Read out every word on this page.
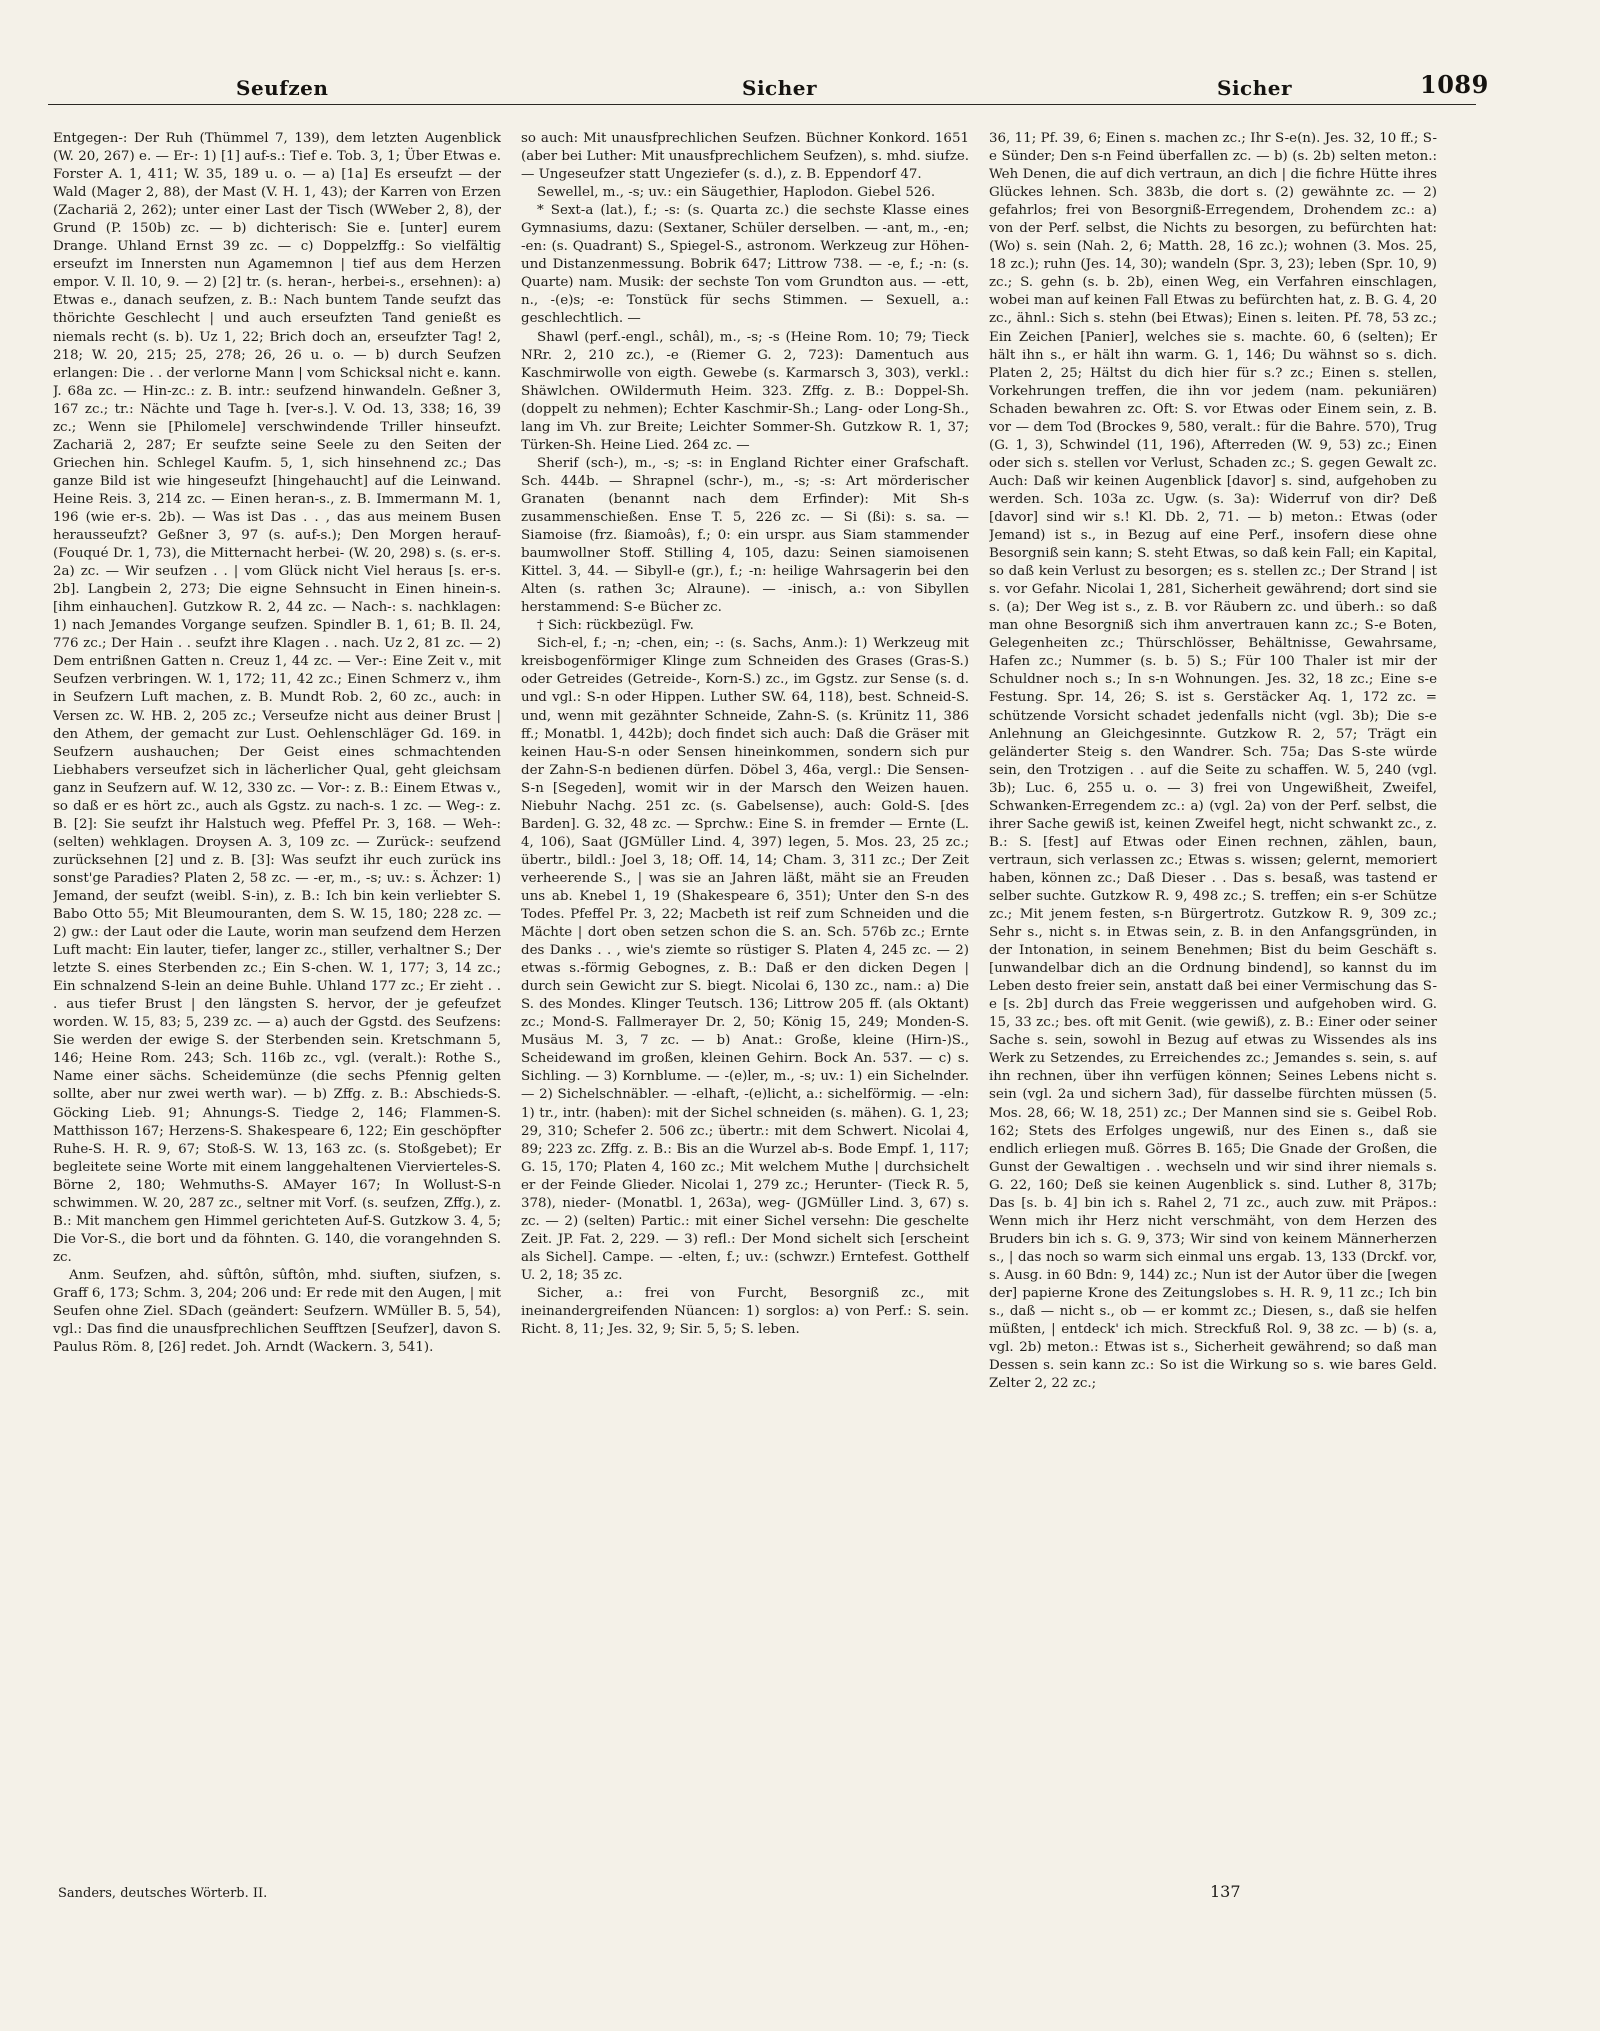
Seufzen	Sicher	Sicher	1089

Entgegen-: Der Ruh (Thümmel 7, 139), dem letzten Augenblick (W. 20, 267) e. — Er-: 1) [1] auf-s.: Tief e. Tob. 3, 1; Über Etwas e. Forster A. 1, 411; W. 35, 189 u. o. — a) [1a] Es erseufzt — der Wald (Mager 2, 88), der Mast (V. H. 1, 43); der Karren von Erzen (Zachariä 2, 262); unter einer Last der Tisch (WWeber 2, 8), der Grund (P. 150b) zc. — b) dichterisch: Sie e. [unter] eurem Drange. Uhland Ernst 39 zc. — c) Doppelzffg.: So vielfältig erseufzt im Innersten nun Agamemnon | tief aus dem Herzen empor. V. Il. 10, 9. — 2) [2] tr. (s. heran-, herbei-s., ersehnen): a) Etwas e., danach seufzen, z. B.: Nach buntem Tande seufzt das thörichte Geschlecht | und auch erseufzten Tand genießt es niemals recht (s. b). Uz 1, 22; Brich doch an, erseufzter Tag! 2, 218; W. 20, 215; 25, 278; 26, 26 u. o. — b) durch Seufzen erlangen: Die . . der verlorne Mann | vom Schicksal nicht e. kann. J. 68a zc. — Hin-zc.: z. B. intr.: seufzend hinwandeln. Geßner 3, 167 zc.; tr.: Nächte und Tage h. [ver-s.]. V. Od. 13, 338; 16, 39 zc.; Wenn sie [Philomele] verschwindende Triller hinseufzt. Zachariä 2, 287; Er seufzte seine Seele zu den Seiten der Griechen hin. Schlegel Kaufm. 5, 1, sich hinsehnend zc.; Das ganze Bild ist wie hingeseufzt [hingehaucht] auf die Leinwand. Heine Reis. 3, 214 zc. — Einen heran-s., z. B. Immermann M. 1, 196 (wie er-s. 2b). — Was ist Das . . , das aus meinem Busen herausseufzt? Geßner 3, 97 (s. auf-s.); Den Morgen herauf- (Fouqué Dr. 1, 73), die Mitternacht herbei- (W. 20, 298) s. (s. er-s. 2a) zc. — Wir seufzen . . | vom Glück nicht Viel heraus [s. er-s. 2b]. Langbein 2, 273; Die eigne Sehnsucht in Einen hinein-s. [ihm einhauchen]. Gutzkow R. 2, 44 zc. — Nach-: s. nachklagen: 1) nach Jemandes Vorgange seufzen. Spindler B. 1, 61; B. Il. 24, 776 zc.; Der Hain . . seufzt ihre Klagen . . nach. Uz 2, 81 zc. — 2) Dem entrißnen Gatten n. Creuz 1, 44 zc. — Ver-: Eine Zeit v., mit Seufzen verbringen. W. 1, 172; 11, 42 zc.; Einen Schmerz v., ihm in Seufzern Luft machen, z. B. Mundt Rob. 2, 60 zc., auch: in Versen zc. W. HB. 2, 205 zc.; Verseufze nicht aus deiner Brust | den Athem, der gemacht zur Lust. Oehlenschläger Gd. 169. in Seufzern aushauchen; Der Geist eines schmachtenden Liebhabers verseufzet sich in lächerlicher Qual, geht gleichsam ganz in Seufzern auf. W. 12, 330 zc. — Vor-: z. B.: Einem Etwas v., so daß er es hört zc., auch als Ggstz. zu nach-s. 1 zc. — Weg-: z. B. [2]: Sie seufzt ihr Halstuch weg. Pfeffel Pr. 3, 168. — Weh-: (selten) wehklagen. Droysen A. 3, 109 zc. — Zurück-: seufzend zurücksehnen [2] und z. B. [3]: Was seufzt ihr euch zurück ins sonst'ge Paradies? Platen 2, 58 zc. — -er, m., -s; uv.: s. Ächzer: 1) Jemand, der seufzt (weibl. S-in), z. B.: Ich bin kein verliebter S. Babo Otto 55; Mit Bleumouranten, dem S. W. 15, 180; 228 zc. — 2) gw.: der Laut oder die Laute, worin man seufzend dem Herzen Luft macht: Ein lauter, tiefer, langer zc., stiller, verhaltner S.; Der letzte S. eines Sterbenden zc.; Ein S-chen. W. 1, 177; 3, 14 zc.; Ein schnalzend S-lein an deine Buhle. Uhland 177 zc.; Er zieht . . . aus tiefer Brust | den längsten S. hervor, der je gefeufzet worden. W. 15, 83; 5, 239 zc. — a) auch der Ggstd. des Seufzens: Sie werden der ewige S. der Sterbenden sein. Kretschmann 5, 146; Heine Rom. 243; Sch. 116b zc., vgl. (veralt.): Rothe S., Name einer sächs. Scheidemünze (die sechs Pfennig gelten sollte, aber nur zwei werth war). — b) Zffg. z. B.: Abschieds-S. Göcking Lieb. 91; Ahnungs-S. Tiedge 2, 146; Flammen-S. Matthisson 167; Herzens-S. Shakespeare 6, 122; Ein geschöpfter Ruhe-S. H. R. 9, 67; Stoß-S. W. 13, 163 zc. (s. Stoßgebet); Er begleitete seine Worte mit einem langgehaltenen Viervierteles-S. Börne 2, 180; Wehmuths-S. AMayer 167; In Wollust-S-n schwimmen. W. 20, 287 zc., seltner mit Vorf. (s. seufzen, Zffg.), z. B.: Mit manchem gen Himmel gerichteten Auf-S. Gutzkow 3. 4, 5; Die Vor-S., die bort und da föhnten. G. 140, die vorangehnden S. zc.

Anm. Seufzen, ahd. sûftôn, sûftôn, mhd. siuften, siufzen, s. Graff 6, 173; Schm. 3, 204; 206 und: Er rede mit den Augen, | mit Seufen ohne Ziel. SDach (geändert: Seufzern. WMüller B. 5, 54), vgl.: Das find die unausfprechlichen Seufftzen [Seufzer], davon S. Paulus Röm. 8, [26] redet. Joh. Arndt (Wackern. 3, 541).

so auch: Mit unausfprechlichen Seufzen. Büchner Konkord. 1651 (aber bei Luther: Mit unausfprechlichem Seufzen), s. mhd. siufze. — Ungeseufzer statt Ungeziefer (s. d.), z. B. Eppendorf 47.

Sewellel, m., -s; uv.: ein Säugethier, Haplodon. Giebel 526.

* Sext-a (lat.), f.; -s: (s. Quarta zc.) die sechste Klasse eines Gymnasiums, dazu: (Sextaner, Schüler derselben. — -ant, m., -en; -en: (s. Quadrant) S., Spiegel-S., astronom. Werkzeug zur Höhen- und Distanzenmessung. Bobrik 647; Littrow 738. — -e, f.; -n: (s. Quarte) nam. Musik: der sechste Ton vom Grundton aus. — -ett, n., -(e)s; -e: Tonstück für sechs Stimmen. — Sexuell, a.: geschlechtlich. —

Shawl (perf.-engl., schâl), m., -s; -s (Heine Rom. 10; 79; Tieck NRr. 2, 210 zc.), -e (Riemer G. 2, 723): Damentuch aus Kaschmirwolle von eigth. Gewebe (s. Karmarsch 3, 303), verkl.: Shäwlchen. OWildermuth Heim. 323. Zffg. z. B.: Doppel-Sh. (doppelt zu nehmen); Echter Kaschmir-Sh.; Lang- oder Long-Sh., lang im Vh. zur Breite; Leichter Sommer-Sh. Gutzkow R. 1, 37; Türken-Sh. Heine Lied. 264 zc. —

Sherif (sch-), m., -s; -s: in England Richter einer Grafschaft. Sch. 444b. — Shrapnel (schr-), m., -s; -s: Art mörderischer Granaten (benannt nach dem Erfinder): Mit Sh-s zusammenschießen. Ense T. 5, 226 zc. — Si (ßi): s. sa. — Siamoise (frz. ßiamoâs), f.; 0: ein urspr. aus Siam stammender baumwollner Stoff. Stilling 4, 105, dazu: Seinen siamoisenen Kittel. 3, 44. — Sibyll-e (gr.), f.; -n: heilige Wahrsagerin bei den Alten (s. rathen 3c; Alraune). — -inisch, a.: von Sibyllen herstammend: S-e Bücher zc.

† Sich: rückbezügl. Fw.

Sich-el, f.; -n; -chen, ein; -: (s. Sachs, Anm.): 1) Werkzeug mit kreisbogenförmiger Klinge zum Schneiden des Grases (Gras-S.) oder Getreides (Getreide-, Korn-S.) zc., im Ggstz. zur Sense (s. d. und vgl.: S-n oder Hippen. Luther SW. 64, 118), best. Schneid-S. und, wenn mit gezähnter Schneide, Zahn-S. (s. Krünitz 11, 386 ff.; Monatbl. 1, 442b); doch findet sich auch: Daß die Gräser mit keinen Hau-S-n oder Sensen hineinkommen, sondern sich pur der Zahn-S-n bedienen dürfen. Döbel 3, 46a, vergl.: Die Sensen-S-n [Segeden], womit wir in der Marsch den Weizen hauen. Niebuhr Nachg. 251 zc. (s. Gabelsense), auch: Gold-S. [des Barden]. G. 32, 48 zc. — Sprchw.: Eine S. in fremder — Ernte (L. 4, 106), Saat (JGMüller Lind. 4, 397) legen, 5. Mos. 23, 25 zc.; übertr., bildl.: Joel 3, 18; Off. 14, 14; Cham. 3, 311 zc.; Der Zeit verheerende S., | was sie an Jahren läßt, mäht sie an Freuden uns ab. Knebel 1, 19 (Shakespeare 6, 351); Unter den S-n des Todes. Pfeffel Pr. 3, 22; Macbeth ist reif zum Schneiden und die Mächte | dort oben setzen schon die S. an. Sch. 576b zc.; Ernte des Danks . . , wie's ziemte so rüstiger S. Platen 4, 245 zc. — 2) etwas s.-förmig Gebognes, z. B.: Daß er den dicken Degen | durch sein Gewicht zur S. biegt. Nicolai 6, 130 zc., nam.: a) Die S. des Mondes. Klinger Teutsch. 136; Littrow 205 ff. (als Oktant) zc.; Mond-S. Fallmerayer Dr. 2, 50; König 15, 249; Monden-S. Musäus M. 3, 7 zc. — b) Anat.: Große, kleine (Hirn-)S., Scheidewand im großen, kleinen Gehirn. Bock An. 537. — c) s. Sichling. — 3) Kornblume. — -(e)ler, m., -s; uv.: 1) ein Sichelnder. — 2) Sichelschnäbler. — -elhaft, -(e)licht, a.: sichelförmig. — -eln: 1) tr., intr. (haben): mit der Sichel schneiden (s. mähen). G. 1, 23; 29, 310; Schefer 2. 506 zc.; übertr.: mit dem Schwert. Nicolai 4, 89; 223 zc. Zffg. z. B.: Bis an die Wurzel ab-s. Bode Empf. 1, 117; G. 15, 170; Platen 4, 160 zc.; Mit welchem Muthe | durchsichelt er der Feinde Glieder. Nicolai 1, 279 zc.; Herunter- (Tieck R. 5, 378), nieder- (Monatbl. 1, 263a), weg- (JGMüller Lind. 3, 67) s. zc. — 2) (selten) Partic.: mit einer Sichel versehn: Die geschelte Zeit. JP. Fat. 2, 229. — 3) refl.: Der Mond sichelt sich [erscheint als Sichel]. Campe. — -elten, f.; uv.: (schwzr.) Erntefest. Gotthelf U. 2, 18; 35 zc.

Sicher, a.: frei von Furcht, Besorgniß zc., mit ineinandergreifenden Nüancen: 1) sorglos: a) von Perf.: S. sein. Richt. 8, 11; Jes. 32, 9; Sir. 5, 5; S. leben.

36, 11; Pf. 39, 6; Einen s. machen zc.; Ihr S-e(n). Jes. 32, 10 ff.; S-e Sünder; Den s-n Feind überfallen zc. — b) (s. 2b) selten meton.: Weh Denen, die auf dich vertraun, an dich | die fichre Hütte ihres Glückes lehnen. Sch. 383b, die dort s. (2) gewähnte zc. — 2) gefahrlos; frei von Besorgniß-Erregendem, Drohendem zc.: a) von der Perf. selbst, die Nichts zu besorgen, zu befürchten hat: (Wo) s. sein (Nah. 2, 6; Matth. 28, 16 zc.); wohnen (3. Mos. 25, 18 zc.); ruhn (Jes. 14, 30); wandeln (Spr. 3, 23); leben (Spr. 10, 9) zc.; S. gehn (s. b. 2b), einen Weg, ein Verfahren einschlagen, wobei man auf keinen Fall Etwas zu befürchten hat, z. B. G. 4, 20 zc., ähnl.: Sich s. stehn (bei Etwas); Einen s. leiten. Pf. 78, 53 zc.; Ein Zeichen [Panier], welches sie s. machte. 60, 6 (selten); Er hält ihn s., er hält ihn warm. G. 1, 146; Du wähnst so s. dich. Platen 2, 25; Hältst du dich hier für s.? zc.; Einen s. stellen, Vorkehrungen treffen, die ihn vor jedem (nam. pekuniären) Schaden bewahren zc. Oft: S. vor Etwas oder Einem sein, z. B. vor — dem Tod (Brockes 9, 580, veralt.: für die Bahre. 570), Trug (G. 1, 3), Schwindel (11, 196), Afterreden (W. 9, 53) zc.; Einen oder sich s. stellen vor Verlust, Schaden zc.; S. gegen Gewalt zc. Auch: Daß wir keinen Augenblick [davor] s. sind, aufgehoben zu werden. Sch. 103a zc. Ugw. (s. 3a): Widerruf von dir? Deß [davor] sind wir s.! Kl. Db. 2, 71. — b) meton.: Etwas (oder Jemand) ist s., in Bezug auf eine Perf., insofern diese ohne Besorgniß sein kann; S. steht Etwas, so daß kein Fall; ein Kapital, so daß kein Verlust zu besorgen; es s. stellen zc.; Der Strand | ist s. vor Gefahr. Nicolai 1, 281, Sicherheit gewährend; dort sind sie s. (a); Der Weg ist s., z. B. vor Räubern zc. und überh.: so daß man ohne Besorgniß sich ihm anvertrauen kann zc.; S-e Boten, Gelegenheiten zc.; Thürschlösser, Behältnisse, Gewahrsame, Hafen zc.; Nummer (s. b. 5) S.; Für 100 Thaler ist mir der Schuldner noch s.; In s-n Wohnungen. Jes. 32, 18 zc.; Eine s-e Festung. Spr. 14, 26; S. ist s. Gerstäcker Aq. 1, 172 zc. = schützende Vorsicht schadet jedenfalls nicht (vgl. 3b); Die s-e Anlehnung an Gleichgesinnte. Gutzkow R. 2, 57; Trägt ein geländerter Steig s. den Wandrer. Sch. 75a; Das S-ste würde sein, den Trotzigen . . auf die Seite zu schaffen. W. 5, 240 (vgl. 3b); Luc. 6, 255 u. o. — 3) frei von Ungewißheit, Zweifel, Schwanken-Erregendem zc.: a) (vgl. 2a) von der Perf. selbst, die ihrer Sache gewiß ist, keinen Zweifel hegt, nicht schwankt zc., z. B.: S. [fest] auf Etwas oder Einen rechnen, zählen, baun, vertraun, sich verlassen zc.; Etwas s. wissen; gelernt, memoriert haben, können zc.; Daß Dieser . . Das s. besaß, was tastend er selber suchte. Gutzkow R. 9, 498 zc.; S. treffen; ein s-er Schütze zc.; Mit jenem festen, s-n Bürgertrotz. Gutzkow R. 9, 309 zc.; Sehr s., nicht s. in Etwas sein, z. B. in den Anfangsgründen, in der Intonation, in seinem Benehmen; Bist du beim Geschäft s. [unwandelbar dich an die Ordnung bindend], so kannst du im Leben desto freier sein, anstatt daß bei einer Vermischung das S-e [s. 2b] durch das Freie weggerissen und aufgehoben wird. G. 15, 33 zc.; bes. oft mit Genit. (wie gewiß), z. B.: Einer oder seiner Sache s. sein, sowohl in Bezug auf etwas zu Wissendes als ins Werk zu Setzendes, zu Erreichendes zc.; Jemandes s. sein, s. auf ihn rechnen, über ihn verfügen können; Seines Lebens nicht s. sein (vgl. 2a und sichern 3ad), für dasselbe fürchten müssen (5. Mos. 28, 66; W. 18, 251) zc.; Der Mannen sind sie s. Geibel Rob. 162; Stets des Erfolges ungewiß, nur des Einen s., daß sie endlich erliegen muß. Görres B. 165; Die Gnade der Großen, die Gunst der Gewaltigen . . wechseln und wir sind ihrer niemals s. G. 22, 160; Deß sie keinen Augenblick s. sind. Luther 8, 317b; Das [s. b. 4] bin ich s. Rahel 2, 71 zc., auch zuw. mit Präpos.: Wenn mich ihr Herz nicht verschmäht, von dem Herzen des Bruders bin ich s. G. 9, 373; Wir sind von keinem Männerherzen s., | das noch so warm sich einmal uns ergab. 13, 133 (Drckf. vor, s. Ausg. in 60 Bdn: 9, 144) zc.; Nun ist der Autor über die [wegen der] papierne Krone des Zeitungslobes s. H. R. 9, 11 zc.; Ich bin s., daß — nicht s., ob — er kommt zc.; Diesen, s., daß sie helfen müßten, | entdeck' ich mich. Streckfuß Rol. 9, 38 zc. — b) (s. a, vgl. 2b) meton.: Etwas ist s., Sicherheit gewährend; so daß man Dessen s. sein kann zc.: So ist die Wirkung so s. wie bares Geld. Zelter 2, 22 zc.;

Sanders, deutsches Wörterb. II.	137
